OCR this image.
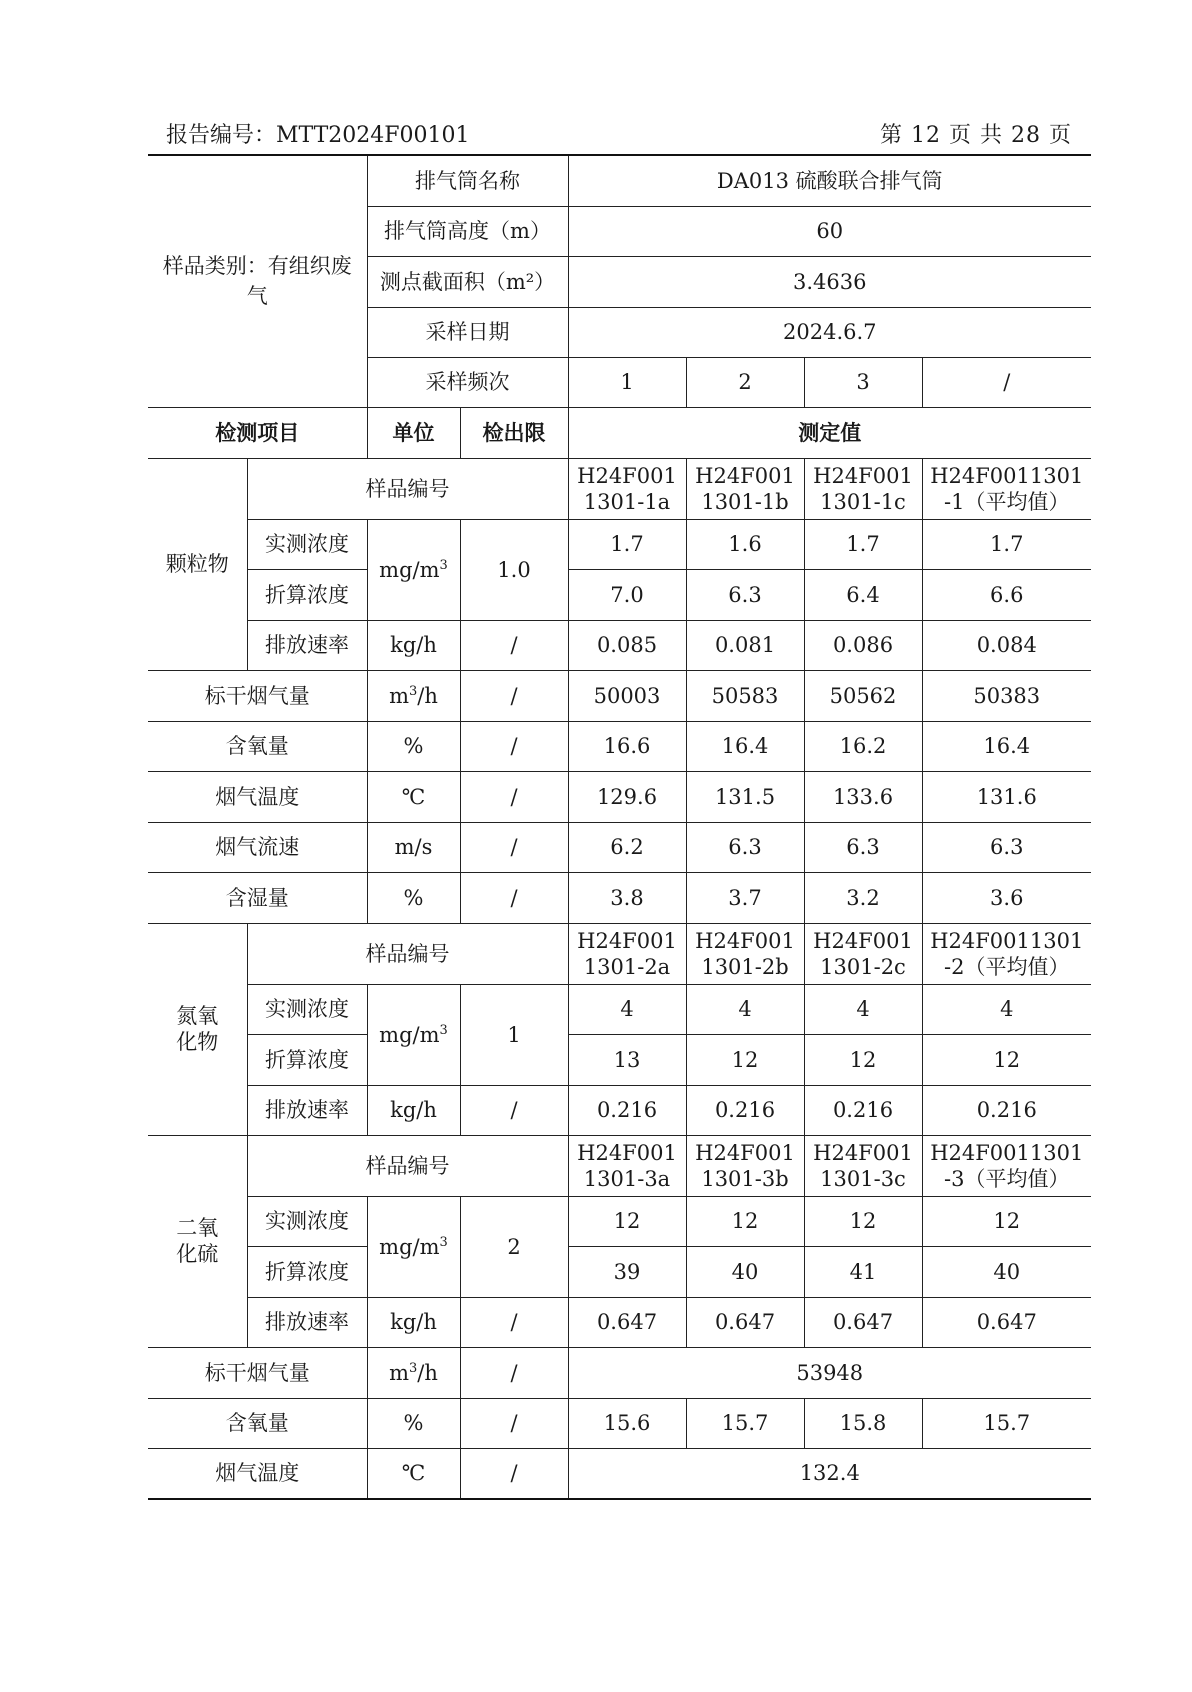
报告编号：MTT2024F00101	第 12 页 共 28 页
样品类别：有组织废气		排气筒名称		DA013 硫酸联合排气筒			
		排气筒高度（m）		60			
		测点截面积（m²）		3.4636			
		采样日期		2024.6.7			
		采样频次		1	2	3	/
检测项目		单位	检出限	测定值			
颗粒物	样品编号			H24F001 1301-1a	H24F001 1301-1b	H24F001 1301-1c	H24F0011301 -1（平均值）
	实测浓度	$mg/m^3$	1.0	1.7	1.6	1.7	1.7
	折算浓度			7.0	6.3	6.4	6.6
	排放速率	kg/h	/	0.085	0.081	0.086	0.084
标干烟气量		$m^3/h$	/	50003	50583	50562	50383
含氧量		%	/	16.6	16.4	16.2	16.4
烟气温度		℃	/	129.6	131.5	133.6	131.6
烟气流速		m/s	/	6.2	6.3	6.3	6.3
含湿量		%	/	3.8	3.7	3.2	3.6
氮氧化物	样品编号			H24F001 1301-2a	H24F001 1301-2b	H24F001 1301-2c	H24F0011301 -2（平均值）
	实测浓度	$mg/m^3$	1	4	4	4	4
	折算浓度			13	12	12	12
	排放速率	kg/h	/	0.216	0.216	0.216	0.216
二氧化硫	样品编号			H24F001 1301-3a	H24F001 1301-3b	H24F001 1301-3c	H24F0011301 -3（平均值）
	实测浓度	$mg/m^3$	2	12	12	12	12
	折算浓度			39	40	41	40
	排放速率	kg/h	/	0.647	0.647	0.647	0.647
标干烟气量		$m^3/h$	/	53948			
含氧量		%	/	15.6	15.7	15.8	15.7
烟气温度		℃	/	132.4			
